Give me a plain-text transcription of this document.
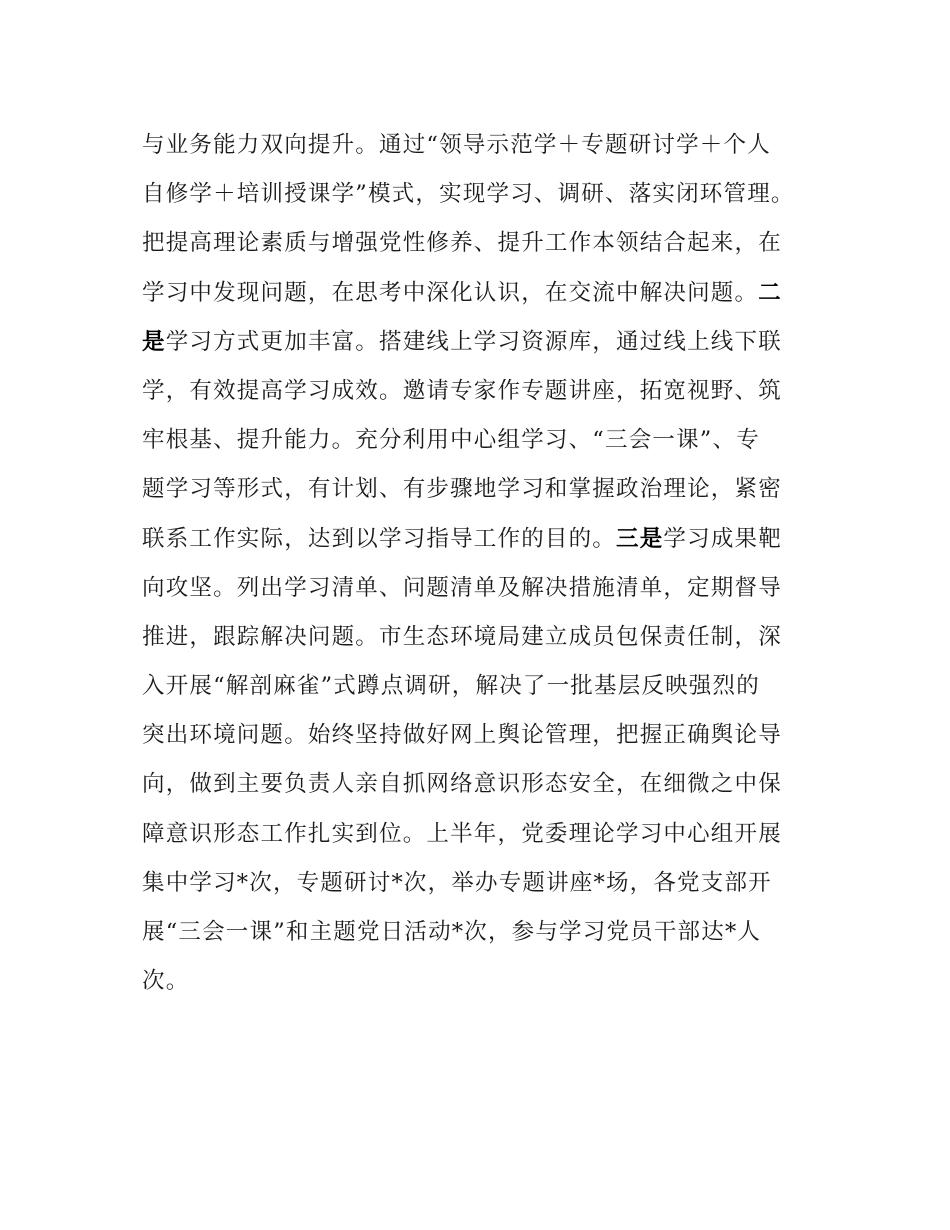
与业务能力双向提升。通过“领导示范学＋专题研讨学＋个人
自修学＋培训授课学”模式，实现学习、调研、落实闭环管理。
把提高理论素质与增强党性修养、提升工作本领结合起来，在
学习中发现问题，在思考中深化认识，在交流中解决问题。二
是学习方式更加丰富。搭建线上学习资源库，通过线上线下联
学，有效提高学习成效。邀请专家作专题讲座，拓宽视野、筑
牢根基、提升能力。充分利用中心组学习、“三会一课”、专
题学习等形式，有计划、有步骤地学习和掌握政治理论，紧密
联系工作实际，达到以学习指导工作的目的。三是学习成果靶
向攻坚。列出学习清单、问题清单及解决措施清单，定期督导
推进，跟踪解决问题。市生态环境局建立成员包保责任制，深
入开展“解剖麻雀”式蹲点调研，解决了一批基层反映强烈的
突出环境问题。始终坚持做好网上舆论管理，把握正确舆论导
向，做到主要负责人亲自抓网络意识形态安全，在细微之中保
障意识形态工作扎实到位。上半年，党委理论学习中心组开展
集中学习*次，专题研讨*次，举办专题讲座*场，各党支部开
展“三会一课”和主题党日活动*次，参与学习党员干部达*人
次。
